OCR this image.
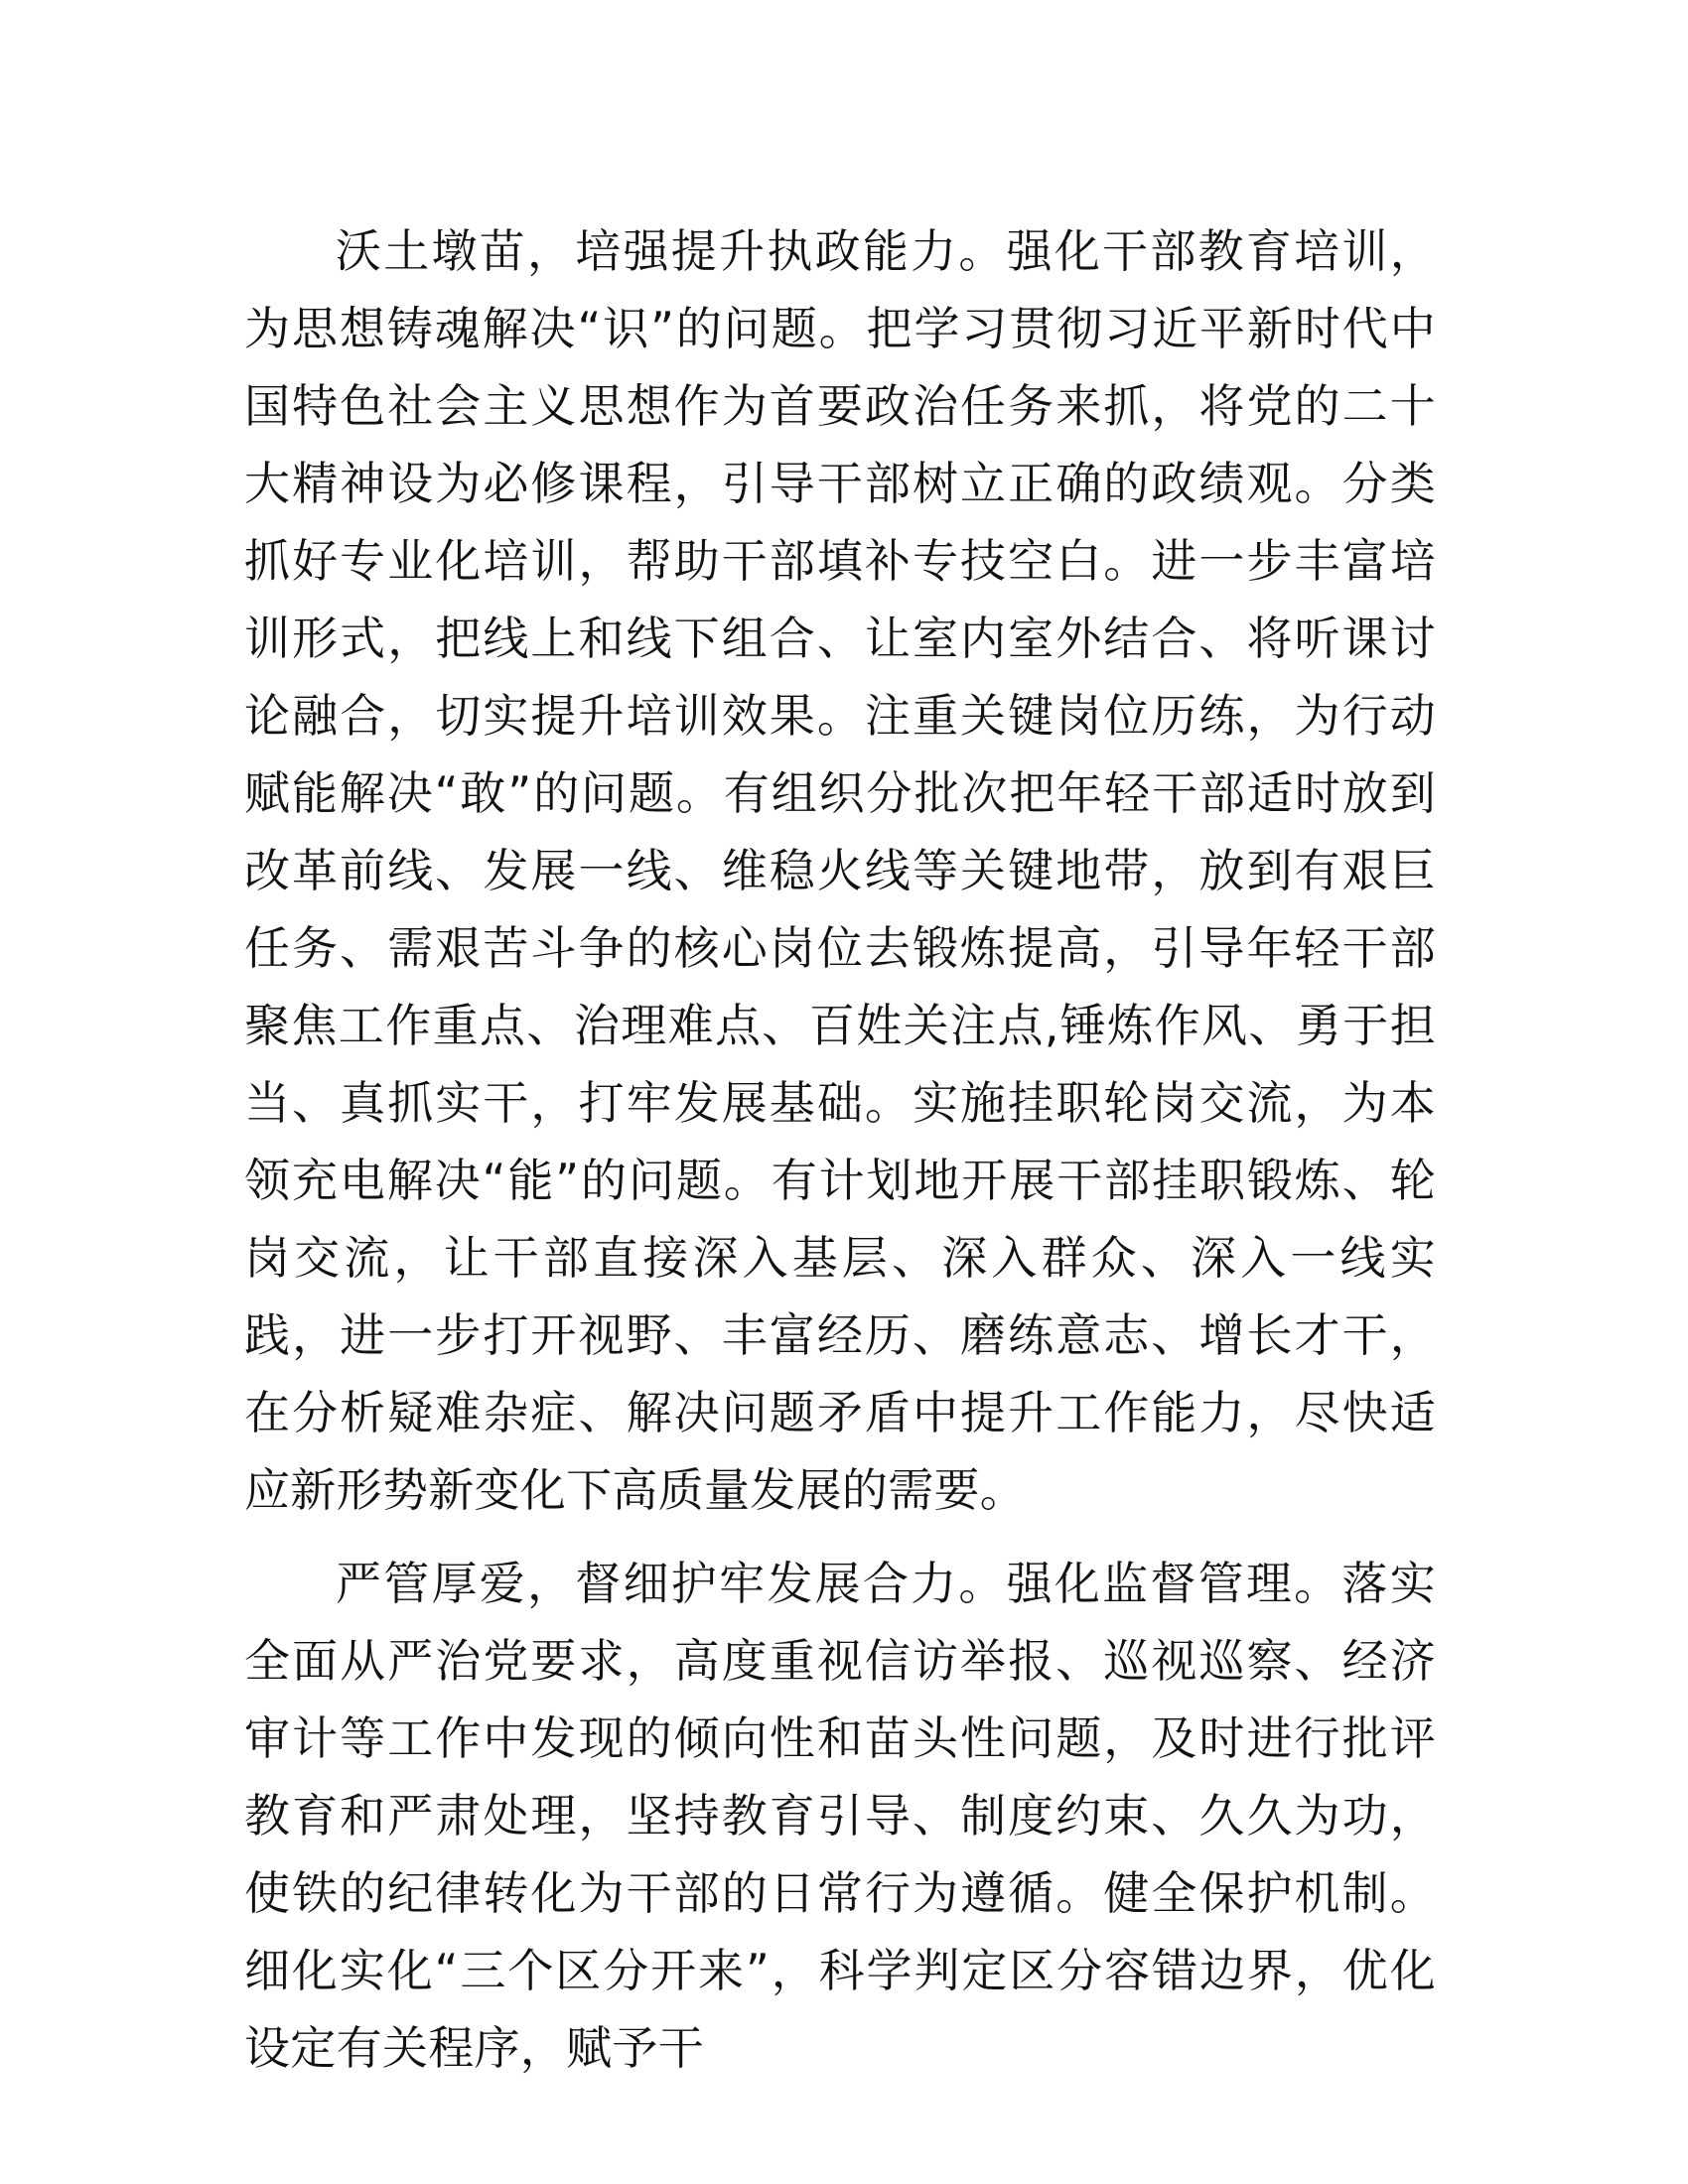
沃土墩苗，培强提升执政能力。强化干部教育培训，为思想铸魂解决“识”的问题。把学习贯彻习近平新时代中国特色社会主义思想作为首要政治任务来抓，将党的二十大精神设为必修课程，引导干部树立正确的政绩观。分类抓好专业化培训，帮助干部填补专技空白。进一步丰富培训形式，把线上和线下组合、让室内室外结合、将听课讨论融合，切实提升培训效果。注重关键岗位历练，为行动赋能解决“敢”的问题。有组织分批次把年轻干部适时放到改革前线、发展一线、维稳火线等关键地带，放到有艰巨任务、需艰苦斗争的核心岗位去锻炼提高，引导年轻干部聚焦工作重点、治理难点、百姓关注点,锤炼作风、勇于担当、真抓实干，打牢发展基础。实施挂职轮岗交流，为本领充电解决“能”的问题。有计划地开展干部挂职锻炼、轮岗交流，让干部直接深入基层、深入群众、深入一线实践，进一步打开视野、丰富经历、磨练意志、增长才干，在分析疑难杂症、解决问题矛盾中提升工作能力，尽快适应新形势新变化下高质量发展的需要。

严管厚爱，督细护牢发展合力。强化监督管理。落实全面从严治党要求，高度重视信访举报、巡视巡察、经济审计等工作中发现的倾向性和苗头性问题，及时进行批评教育和严肃处理，坚持教育引导、制度约束、久久为功，使铁的纪律转化为干部的日常行为遵循。健全保护机制。细化实化“三个区分开来”，科学判定区分容错边界，优化设定有关程序，赋予干
